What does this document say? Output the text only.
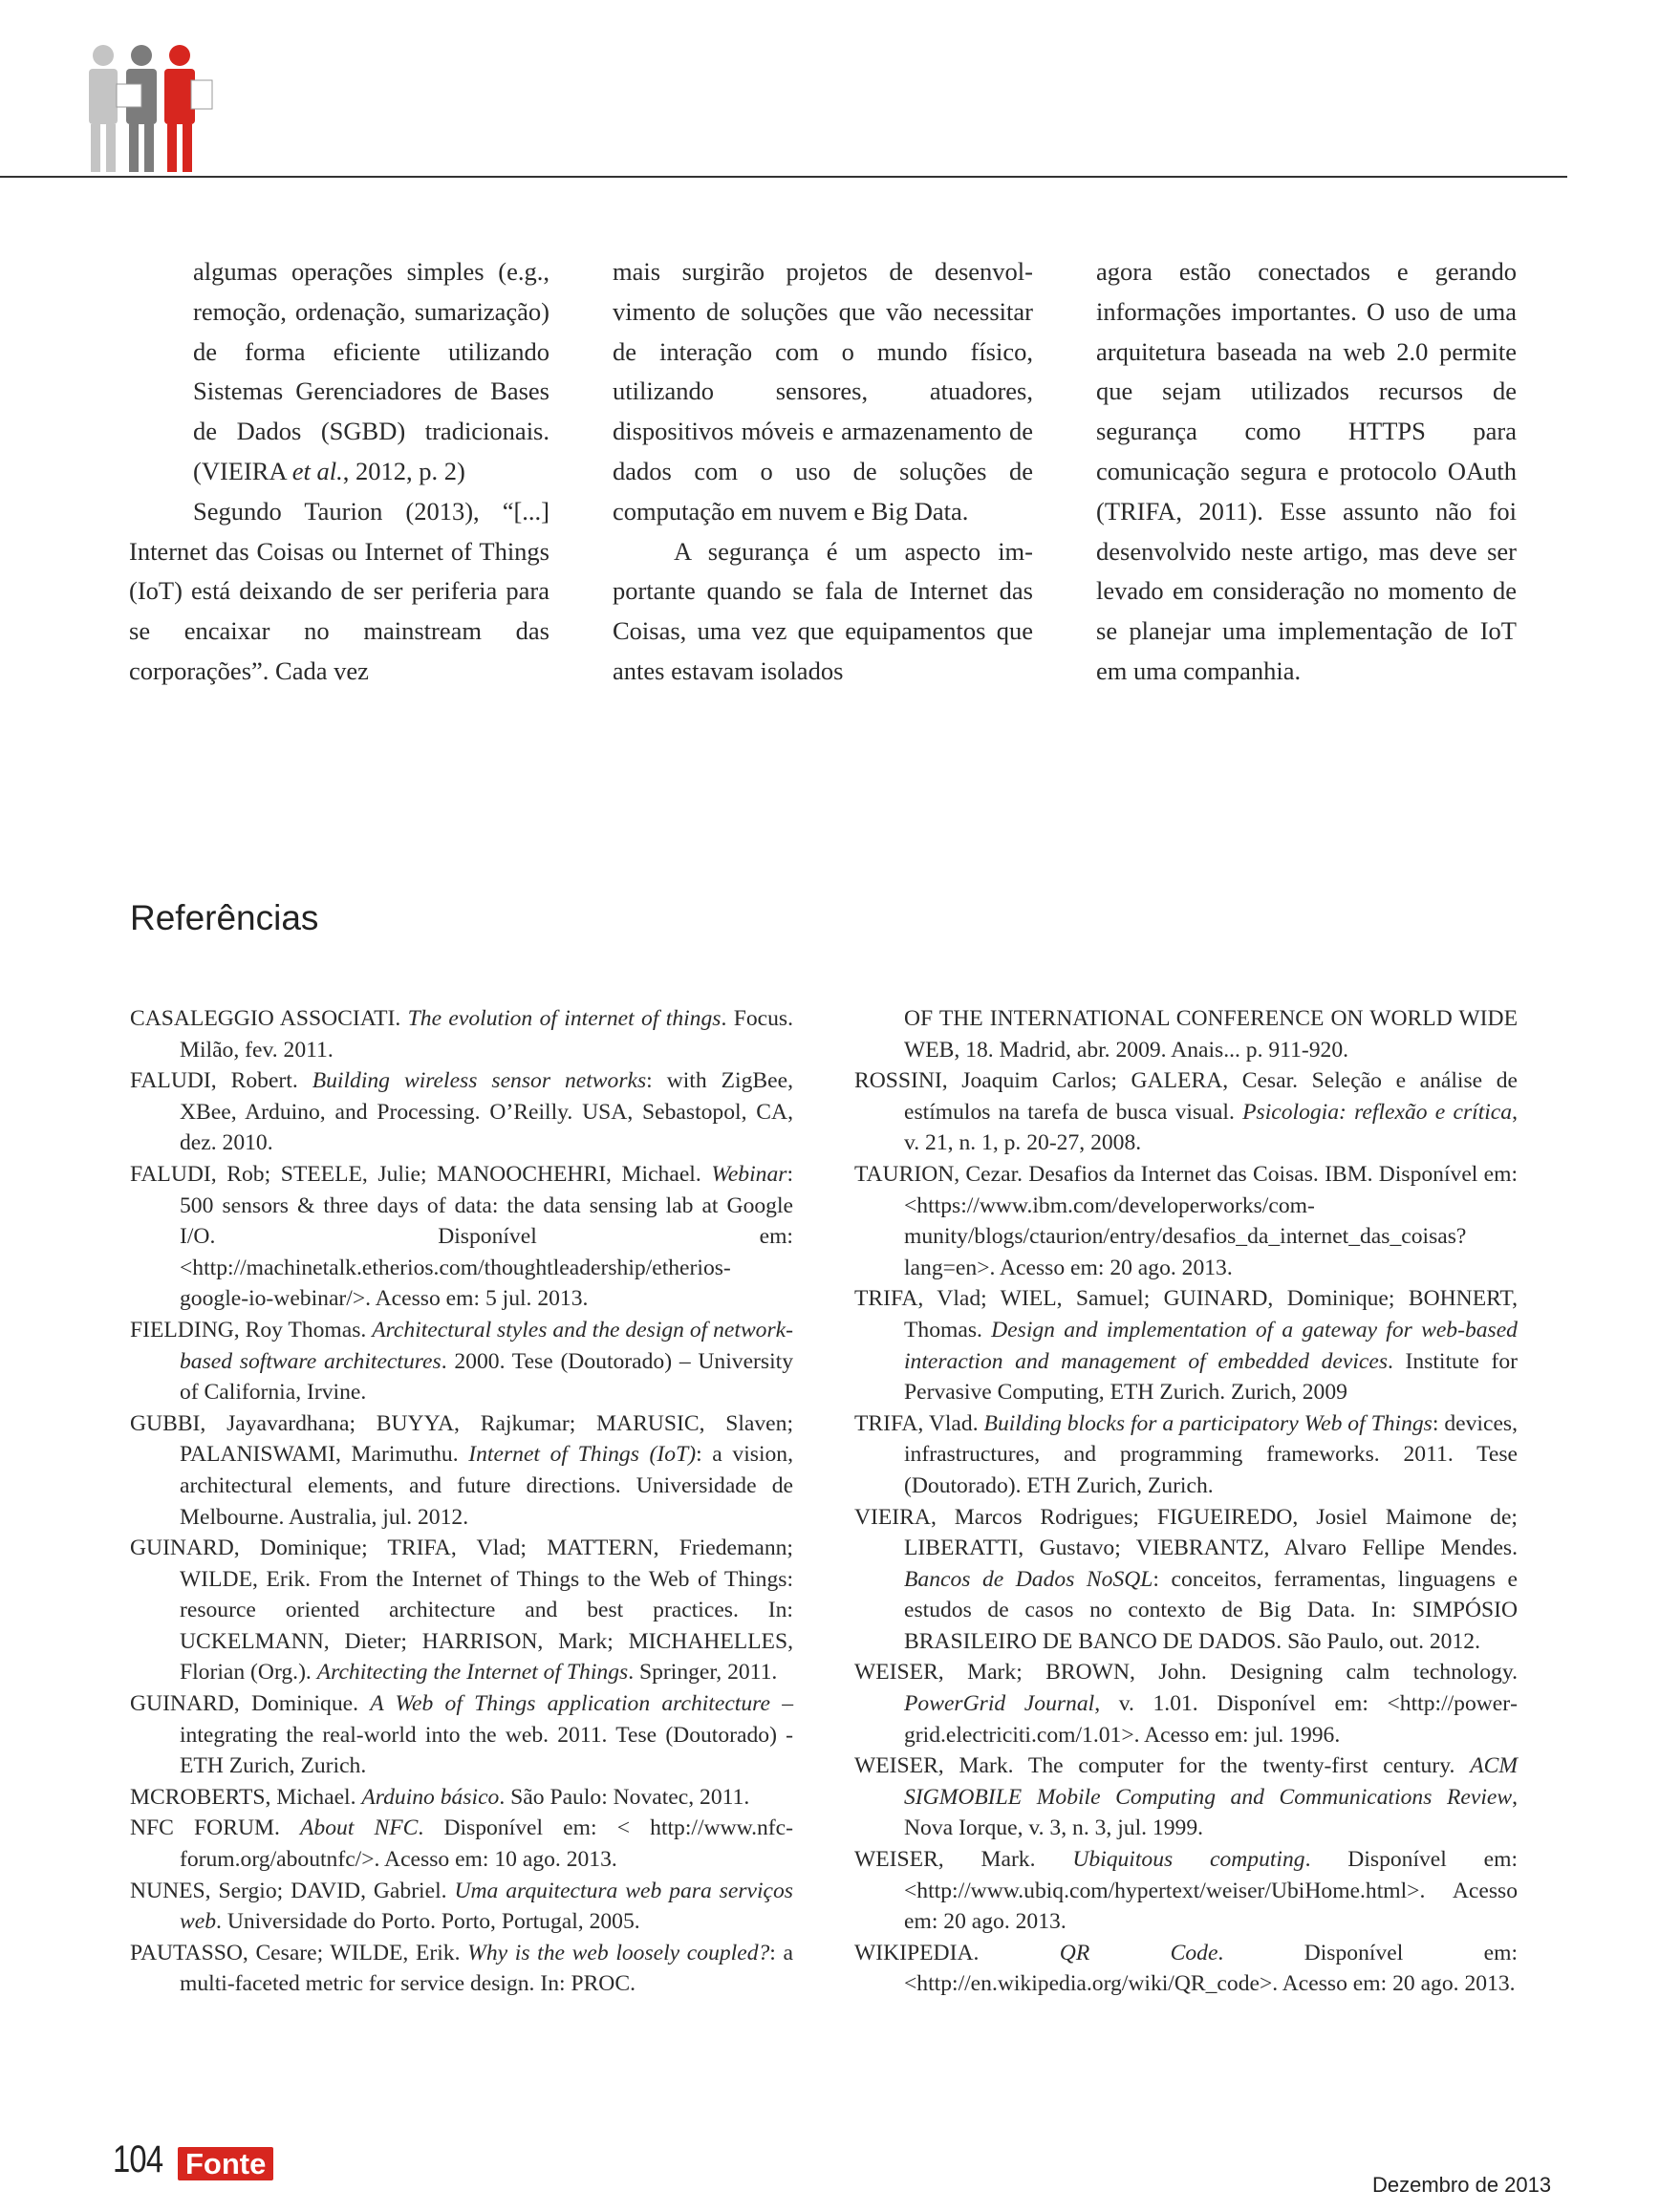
algumas operações simples (e.g., remoção, ordenação, sumarização) de forma eficiente utilizando Sistemas Gerenciadores de Bases de Dados (SGBD) tradicionais. (VIEIRA et al., 2012, p. 2)

Segundo Taurion (2013), “[...] Internet das Coisas ou Internet of Things (IoT) está deixando de ser periferia para se encaixar no mainstream das corporações”. Cada vez

mais surgirão projetos de desenvolvimento de soluções que vão necessitar de interação com o mundo físico, utilizando sensores, atuadores, dispositivos móveis e armazenamento de dados com o uso de soluções de computação em nuvem e Big Data.

A segurança é um aspecto importante quando se fala de Internet das Coisas, uma vez que equipamentos que antes estavam isolados

agora estão conectados e gerando informações importantes. O uso de uma arquitetura baseada na web 2.0 permite que sejam utilizados recursos de segurança como HTTPS para comunicação segura e protocolo OAuth (TRIFA, 2011). Esse assunto não foi desenvolvido neste artigo, mas deve ser levado em consideração no momento de se planejar uma implementação de IoT em uma companhia.

Referências

CASALEGGIO ASSOCIATI. The evolution of internet of things. Focus. Milão, fev. 2011.

FALUDI, Robert. Building wireless sensor networks: with ZigBee, XBee, Arduino, and Processing. O’Reilly. USA, Sebastopol, CA, dez. 2010.

FALUDI, Rob; STEELE, Julie; MANOOCHEHRI, Michael. Webinar: 500 sensors & three days of data: the data sensing lab at Google I/O. Disponível em: <http://machinetalk.etherios.com/thoughtleadership/etherios-google-io-webinar/>. Acesso em: 5 jul. 2013.

FIELDING, Roy Thomas. Architectural styles and the design of network-based software architectures. 2000. Tese (Doutorado) – University of California, Irvine.

GUBBI, Jayavardhana; BUYYA, Rajkumar; MARUSIC, Slaven; PALANISWAMI, Marimuthu. Internet of Things (IoT): a vision, architectural elements, and future directions. Universidade de Melbourne. Australia, jul. 2012.

GUINARD, Dominique; TRIFA, Vlad; MATTERN, Friedemann; WILDE, Erik. From the Internet of Things to the Web of Things: resource oriented architecture and best practices. In: UCKELMANN, Dieter; HARRISON, Mark; MICHAHELLES, Florian (Org.). Architecting the Internet of Things. Springer, 2011.

GUINARD, Dominique. A Web of Things application architecture – integrating the real-world into the web. 2011. Tese (Doutorado) - ETH Zurich, Zurich.

MCROBERTS, Michael. Arduino básico. São Paulo: Novatec, 2011.

NFC FORUM. About NFC. Disponível em: < http://www.nfc-forum.org/aboutnfc/>. Acesso em: 10 ago. 2013.

NUNES, Sergio; DAVID, Gabriel. Uma arquitectura web para serviços web. Universidade do Porto. Porto, Portugal, 2005.

PAUTASSO, Cesare; WILDE, Erik. Why is the web loosely coupled?: a multi-faceted metric for service design. In: PROC.

OF THE INTERNATIONAL CONFERENCE ON WORLD WIDE WEB, 18. Madrid, abr. 2009. Anais... p. 911-920.

ROSSINI, Joaquim Carlos; GALERA, Cesar. Seleção e análise de estímulos na tarefa de busca visual. Psicologia: reflexão e crítica, v. 21, n. 1, p. 20-27, 2008.

TAURION, Cezar. Desafios da Internet das Coisas. IBM. Disponível em: <https://www.ibm.com/developerworks/community/blogs/ctaurion/entry/desafios_da_internet_das_coisas?lang=en>. Acesso em: 20 ago. 2013.

TRIFA, Vlad; WIEL, Samuel; GUINARD, Dominique; BOHNERT, Thomas. Design and implementation of a gateway for web-based interaction and management of embedded devices. Institute for Pervasive Computing, ETH Zurich. Zurich, 2009

TRIFA, Vlad. Building blocks for a participatory Web of Things: devices, infrastructures, and programming frameworks. 2011. Tese (Doutorado). ETH Zurich, Zurich.

VIEIRA, Marcos Rodrigues; FIGUEIREDO, Josiel Maimone de; LIBERATTI, Gustavo; VIEBRANTZ, Alvaro Fellipe Mendes. Bancos de Dados NoSQL: conceitos, ferramentas, linguagens e estudos de casos no contexto de Big Data. In: SIMPÓSIO BRASILEIRO DE BANCO DE DADOS. São Paulo, out. 2012.

WEISER, Mark; BROWN, John. Designing calm technology. PowerGrid Journal, v. 1.01. Disponível em: <http://powergrid.electriciti.com/1.01>. Acesso em: jul. 1996.

WEISER, Mark. The computer for the twenty-first century. ACM SIGMOBILE Mobile Computing and Communications Review, Nova Iorque, v. 3, n. 3, jul. 1999.

WEISER, Mark. Ubiquitous computing. Disponível em: <http://www.ubiq.com/hypertext/weiser/UbiHome.html>. Acesso em: 20 ago. 2013.

WIKIPEDIA. QR Code. Disponível em: <http://en.wikipedia.org/wiki/QR_code>. Acesso em: 20 ago. 2013.

104 Fonte
Dezembro de 2013
